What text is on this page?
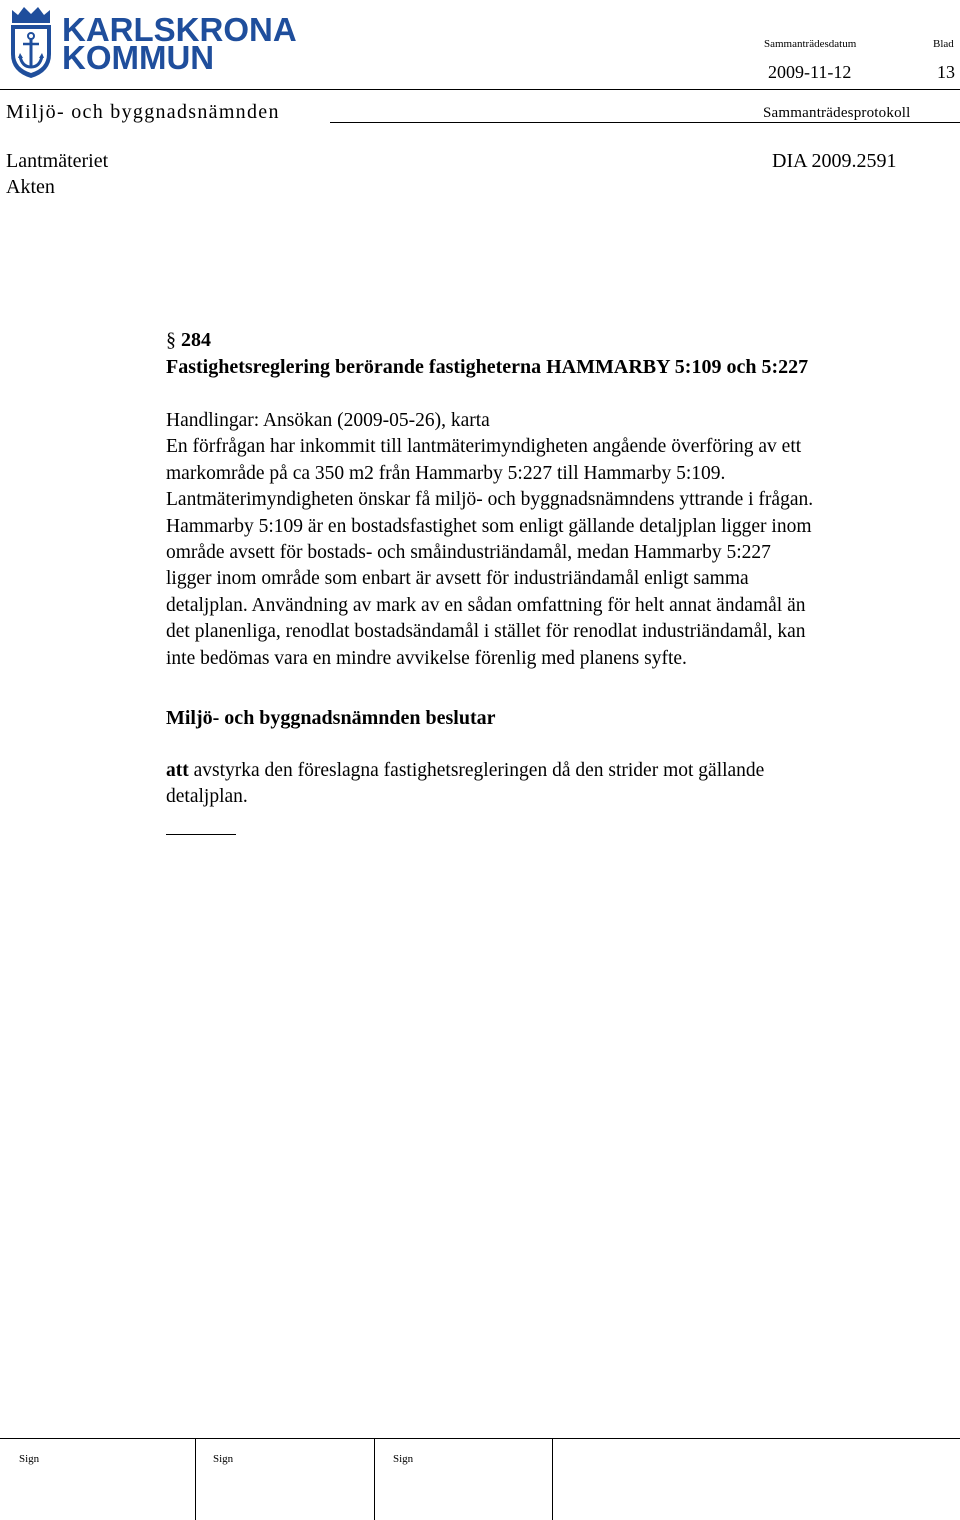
KARLSKRONA
KOMMUN	Sammanträdesdatum	Blad
2009-11-12	13
Miljö- och byggnadsnämnden	Sammanträdesprotokoll
Lantmäteriet	DIA 2009.2591
Akten
§ 284
Fastighetsreglering berörande fastigheterna HAMMARBY 5:109 och 5:227
Handlingar: Ansökan (2009-05-26), karta
En förfrågan har inkommit till lantmäterimyndigheten angående överföring av ett
markområde på ca 350 m2 från Hammarby 5:227 till Hammarby 5:109.
Lantmäterimyndigheten önskar få miljö- och byggnadsnämndens yttrande i frågan.
Hammarby 5:109 är en bostadsfastighet som enligt gällande detaljplan ligger inom
område avsett för bostads- och småindustriändamål, medan Hammarby 5:227
ligger inom område som enbart är avsett för industriändamål enligt samma
detaljplan. Användning av mark av en sådan omfattning för helt annat ändamål än
det planenliga, renodlat bostadsändamål i stället för renodlat industriändamål, kan
inte bedömas vara en mindre avvikelse förenlig med planens syfte.
Miljö- och byggnadsnämnden beslutar
att avstyrka den föreslagna fastighetsregleringen då den strider mot gällande
detaljplan.
Sign	Sign	Sign
